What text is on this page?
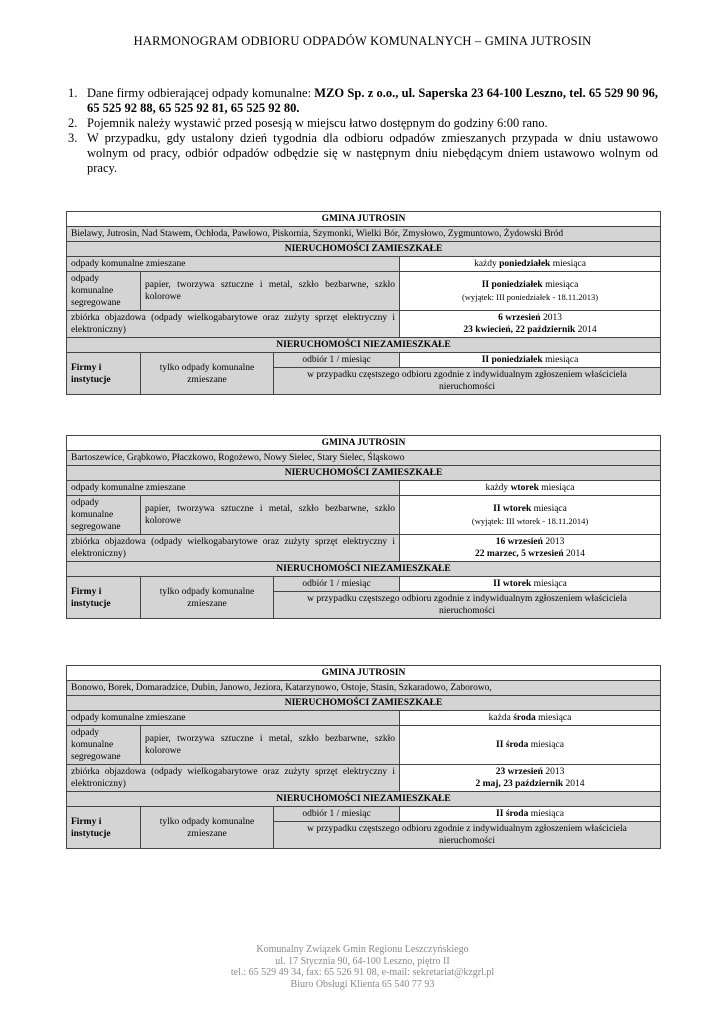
HARMONOGRAM ODBIORU ODPADÓW KOMUNALNYCH – GMINA JUTROSIN
1. Dane firmy odbierającej odpady komunalne: MZO Sp. z o.o., ul. Saperska 23 64-100 Leszno, tel. 65 529 90 96, 65 525 92 88, 65 525 92 81, 65 525 92 80.
2. Pojemnik należy wystawić przed posesją w miejscu łatwo dostępnym do godziny 6:00 rano.
3. W przypadku, gdy ustalony dzień tygodnia dla odbioru odpadów zmieszanych przypada w dniu ustawowo wolnym od pracy, odbiór odpadów odbędzie się w następnym dniu niebędącym dniem ustawowo wolnym od pracy.
GMINA JUTROSIN			
Bielawy, Jutrosin, Nad Stawem, Ochłoda, Pawłowo, Piskornia, Szymonki, Wielki Bór, Zmysłowo, Zygmuntowo, Żydowski Bród			
NIERUCHOMOŚCI ZAMIESZKAŁE			
odpady komunalne zmieszane			każdy poniedziałek miesiąca
odpady komunalne segregowane	papier, tworzywa sztuczne i metal, szkło bezbarwne, szkło kolorowe		II poniedziałek miesiąca
(wyjątek: III poniedziałek - 18.11.2013)

zbiórka objazdowa (odpady wielkogabarytowe oraz zużyty sprzęt elektryczny i elektroniczny)			6 wrzesień 2013
23 kwiecień, 22 październik 2014

NIERUCHOMOŚCI NIEZAMIESZKAŁE			
Firmy i instytucje	tylko odpady komunalne zmieszane	odbiór 1 / miesiąc	II poniedziałek miesiąca
		w przypadku częstszego odbioru zgodnie z indywidualnym zgłoszeniem właściciela nieruchomości	
GMINA JUTROSIN			
Bartoszewice, Grąbkowo, Płaczkowo, Rogożewo, Nowy Sielec, Stary Sielec, Śląskowo			
NIERUCHOMOŚCI ZAMIESZKAŁE			
odpady komunalne zmieszane			każdy wtorek miesiąca
odpady komunalne segregowane	papier, tworzywa sztuczne i metal, szkło bezbarwne, szkło kolorowe		II wtorek miesiąca
(wyjątek: III wtorek - 18.11.2014)

zbiórka objazdowa (odpady wielkogabarytowe oraz zużyty sprzęt elektryczny i elektroniczny)			16 wrzesień 2013
22 marzec, 5 wrzesień 2014

NIERUCHOMOŚCI NIEZAMIESZKAŁE			
Firmy i instytucje	tylko odpady komunalne zmieszane	odbiór 1 / miesiąc	II wtorek miesiąca
		w przypadku częstszego odbioru zgodnie z indywidualnym zgłoszeniem właściciela nieruchomości	
GMINA JUTROSIN			
Bonowo, Borek, Domaradzice, Dubin, Janowo, Jeziora, Katarzynowo, Ostoje, Stasin, Szkaradowo, Zaborowo,			
NIERUCHOMOŚCI ZAMIESZKAŁE			
odpady komunalne zmieszane			każda środa miesiąca
odpady komunalne segregowane	papier, tworzywa sztuczne i metal, szkło bezbarwne, szkło kolorowe		II środa miesiąca

zbiórka objazdowa (odpady wielkogabarytowe oraz zużyty sprzęt elektryczny i elektroniczny)			23 wrzesień 2013
2 maj, 23 październik 2014

NIERUCHOMOŚCI NIEZAMIESZKAŁE			
Firmy i instytucje	tylko odpady komunalne zmieszane	odbiór 1 / miesiąc	II środa miesiąca
		w przypadku częstszego odbioru zgodnie z indywidualnym zgłoszeniem właściciela nieruchomości	
Komunalny Związek Gmin Regionu Leszczyńskiego
ul. 17 Stycznia 90, 64-100 Leszno, piętro II
tel.: 65 529 49 34, fax: 65 526 91 08, e-mail: sekretariat@kzgrl.pl
Biuro Obsługi Klienta 65 540 77 93
